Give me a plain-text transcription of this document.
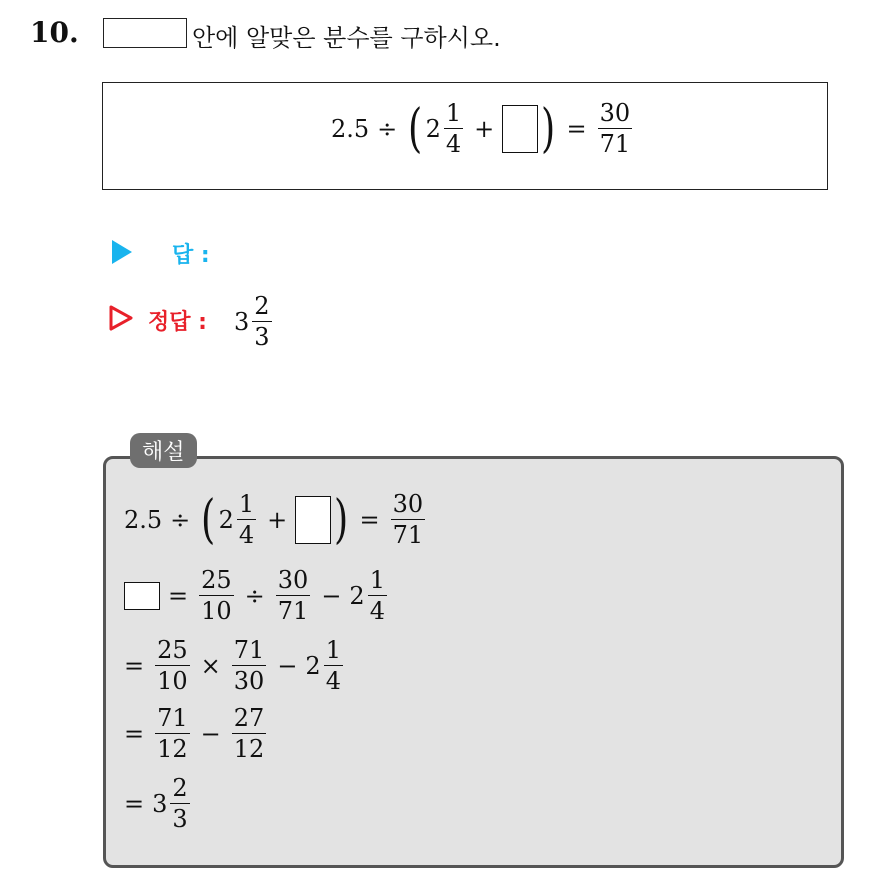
10.	안에 알맞은 분수를 구하시오.
2.5 ÷ ( $2 \frac{1}{4}$ + ) = $\frac{30}{71}$
답 :
정답 : $3 \frac{2}{3}$
해설
2.5 ÷ ( $2 \frac{1}{4}$ + ) = $\frac{30}{71}$
= $\frac{25}{10} \div \frac{30}{71} - 2 \frac{1}{4}$
= $\frac{25}{10} \times \frac{71}{30} - 2 \frac{1}{4}$
= $\frac{71}{12} - \frac{27}{12}$
= $3 \frac{2}{3}$
